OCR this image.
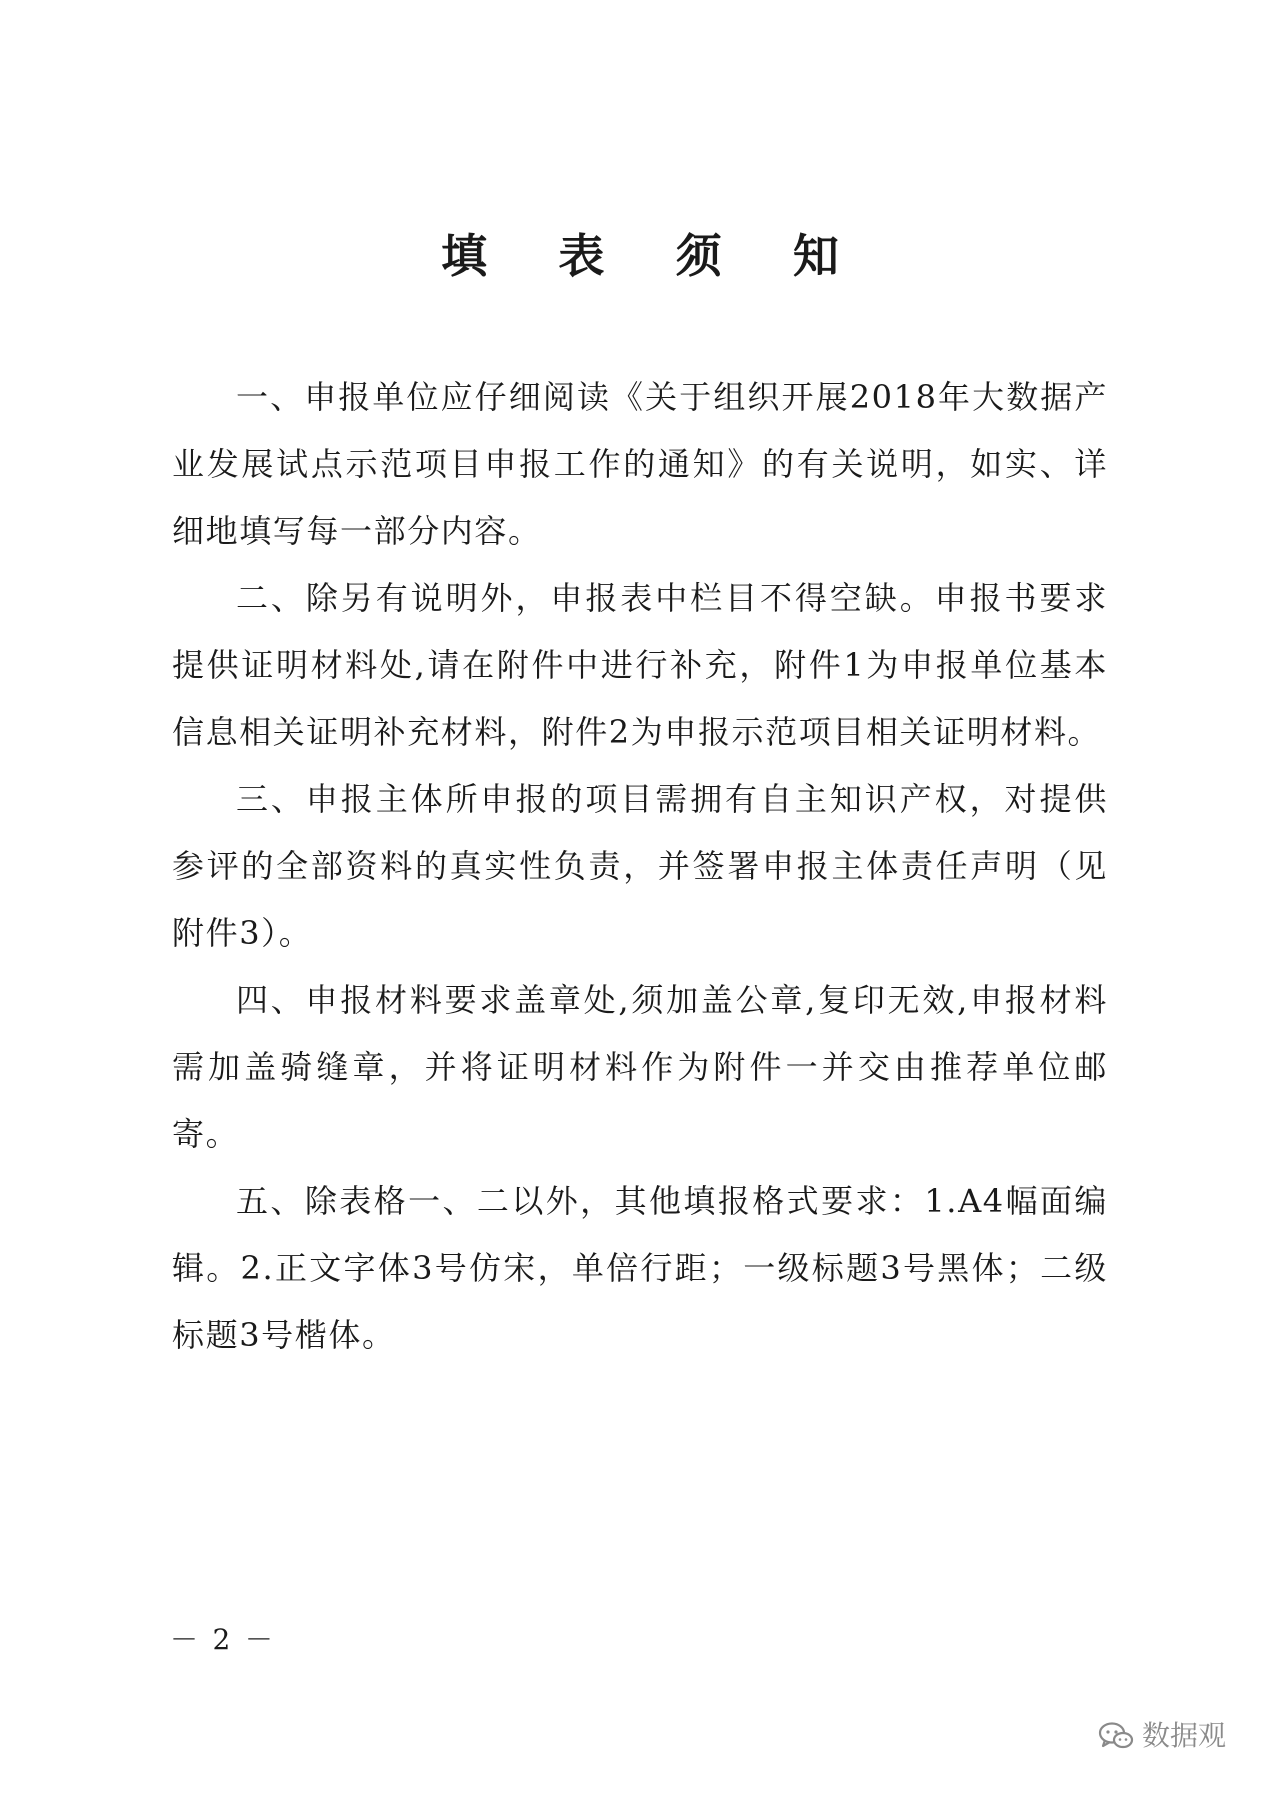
填 表 须 知

一、申报单位应仔细阅读《关于组织开展2018年大数据产业发展试点示范项目申报工作的通知》的有关说明，如实、详细地填写每一部分内容。

二、除另有说明外，申报表中栏目不得空缺。申报书要求提供证明材料处,请在附件中进行补充，附件1为申报单位基本信息相关证明补充材料，附件2为申报示范项目相关证明材料。

三、申报主体所申报的项目需拥有自主知识产权，对提供参评的全部资料的真实性负责，并签署申报主体责任声明（见附件3）。

四、申报材料要求盖章处,须加盖公章,复印无效,申报材料需加盖骑缝章，并将证明材料作为附件一并交由推荐单位邮寄。

五、除表格一、二以外，其他填报格式要求：1.A4幅面编辑。2.正文字体3号仿宋，单倍行距；一级标题3号黑体；二级标题3号楷体。

－ 2 －
数据观
